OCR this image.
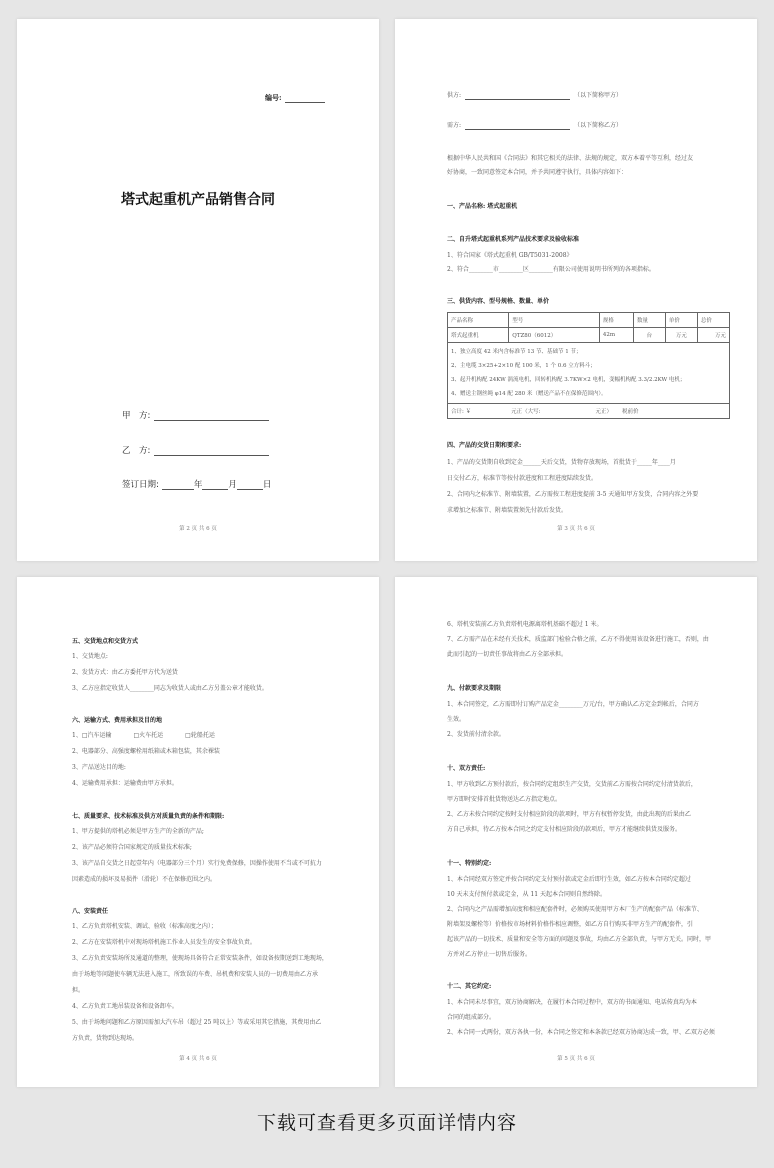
编号:
塔式起重机产品销售合同
甲　方:
乙　方:
签订日期:	年	月	日
第 2 页 共 6 页
供方:	（以下简称甲方）
需方:	（以下简称乙方）
根据中华人民共和国《合同法》和其它相关的法律、法规的规定，双方本着平等互利，经过友
好协商，一致同意签定本合同，并予共同遵守执行，具体内容如下：
一、产品名称: 塔式起重机
二、自升塔式起重机系列产品技术要求及验收标准
1、符合国家《塔式起重机 GB/T5031-2008》
2、符合________市________区________有限公司使用说明书所列的各项指标。
三、供货内容、型号规格、数量、单价
产品名称	型号	规格	数量	单价	总价
塔式起重机	QTZ80（6012）	42m	台	万元	万元

1、独立高度 42 米内含标准节 13 节、基础节 1 节；
2、主电缆 3×25+2×10 配 100 米，1 个 0.6 立方料斗；
3、起升机构配 24KW 涡流电机，回转机构配 3.7KW×2 电机，变幅机构配 3.3/2.2KW 电机；
4、赠送主钢丝绳 φ14 配 280 米（赠送产品不在保修范围内）。					

合计: ￥ 元正（大写: 元正） 税前价					
四、产品的交货日期和要求:
1、产品的交货期自收到定金______天后交货，货物存放现场，首批货于_____年____月
日交付乙方，标准节等按付款进度和工程进度陆续发货。
2、合同内之标准节、附墙装置，乙方需按工程进度提前 3-5 天通知甲方发货，合同内容之外要
求增加之标准节、附墙装置须先付款后发货。
第 3 页 共 6 页
五、交货地点和交货方式
1、交货地点:
2、发货方式：由乙方委托甲方代为送货
3、乙方应指定收货人________同志为收货人或由乙方另盖公章才能收货。
六、运输方式、费用承担及目的地
1、□汽车运输	□火车托运	□轮船托运
2、电器部分、高强度螺栓用纸箱或木箱包装，其余裸装
3、产品送达目的地:
4、运输费用承担：运输费由甲方承担。
七、质量要求、技术标准及供方对质量负责的条件和期限:
1、甲方提供的塔机必须是甲方生产的全新的产品;
2、该产品必须符合国家规定的质量技术标准;
3、该产品自交货之日起壹年内（电器部分三个月）实行免费保修，因操作使用不当或不可抗力
因素造成的损坏及易损件（滑轮）不在保修范围之内。
八、安装责任
1、乙方负责塔机安装、调试、验收（标准高度之内）；
2、乙方在安装塔机中对现场塔机施工作业人员发生的安全事故负责。
3、乙方负责安装场所及通道的整理，使现场具备符合正常安装条件，如设备按期送到工地现场，
由于场地等问题使车辆无法进入施工，所致误的车费、吊机费和安装人员的一切费用由乙方承
担。
4、乙方负责工地吊装设备和设备卸车。
5、由于场地问题和乙方原因需加大汽车吊（超过 25 吨以上）等或采用其它措施，其费用由乙
方负责，货物到达现场。
第 4 页 共 6 页
6、塔机安装前乙方负责塔机电源离塔机基础不超过 1 米。
7、乙方需产品在未经有关技术，质监部门检验合格之前，乙方不得使用该设备进行施工，否则，由
此而引起的一切责任事故将由乙方全部承担。
九、付款要求及期限
1、本合同签定，乙方需即付订购产品定金________万元/台，甲方确认乙方定金到帐后，合同方
生效。
2、发货前付清余款。
十、双方责任:
1、甲方收到乙方预付款后，按合同约定组织生产交货，交货前乙方需按合同约定付清货款后，
甲方即时安排首批货物送达乙方指定地点。
2、乙方未按合同约定按时支付相应阶段的款项时，甲方有权暂停发货，由此出现的后果由乙
方自己承担，待乙方按本合同之约定支付相应阶段的款项后，甲方才能继续供货及服务。
十一、特别约定:
1、本合同经双方签定并按合同约定支付预付款或定金后即行生效，如乙方按本合同约定超过
10 天未支付预付款或定金，从 11 天起本合同则自然终除。
2、合同内之产品需增加高度和相应配套件时，必须购买使用甲方本厂生产的配套产品（标准节、
附墙架及螺栓等）价格按市场材料价格作相应调整，如乙方自行购买非甲方生产的配套件，引
起该产品的一切技术、质量和安全等方面的问题及事故，均由乙方全部负责，与甲方无关。同时，甲
方并对乙方停止一切售后服务。
十二、其它约定:
1、本合同未尽事宜，双方协商解决，在履行本合同过程中，双方的书面通知、电话传真均为本
合同的组成部分。
2、本合同一式两份，双方各执一份，本合同之签定和本条款已经双方协商达成一致，甲、乙双方必须
第 5 页 共 6 页
下载可查看更多页面详情内容
